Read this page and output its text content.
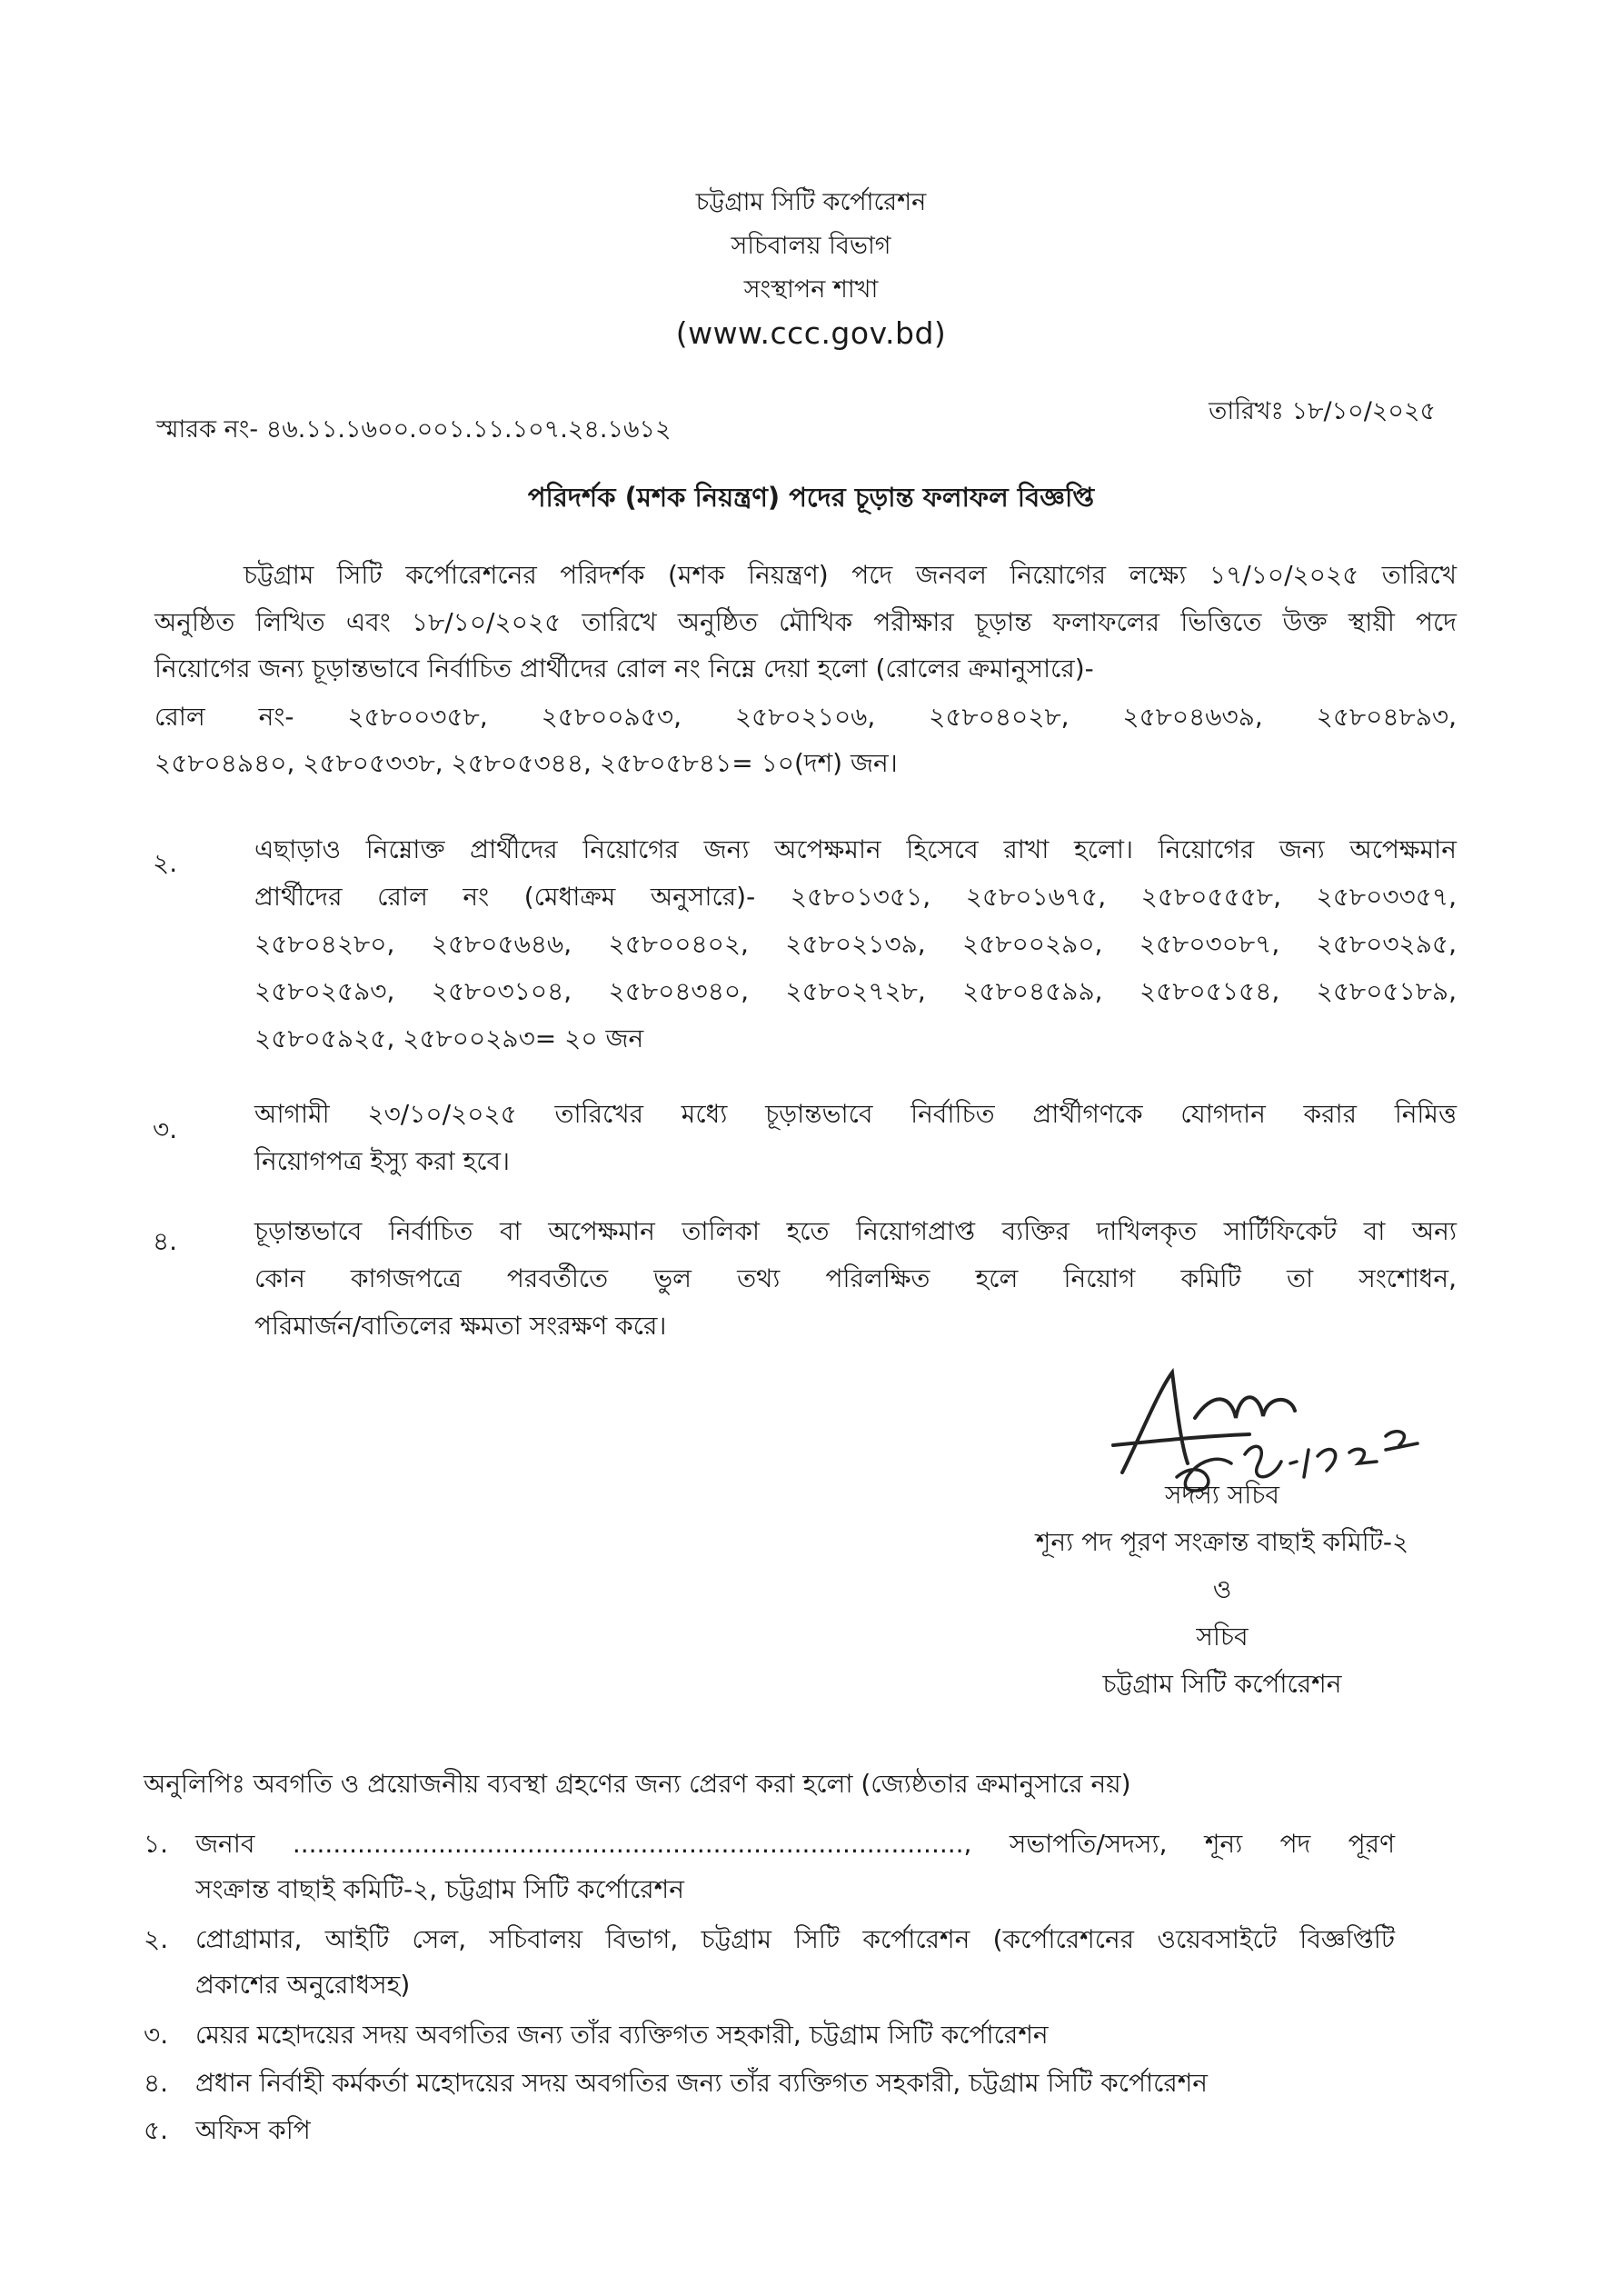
চট্টগ্রাম সিটি কর্পোরেশন
সচিবালয় বিভাগ
সংস্থাপন শাখা
(www.ccc.gov.bd)
স্মারক নং- ৪৬.১১.১৬০০.০০১.১১.১০৭.২৪.১৬১২
তারিখঃ ১৮/১০/২০২৫
পরিদর্শক (মশক নিয়ন্ত্রণ) পদের চূড়ান্ত ফলাফল বিজ্ঞপ্তি
চট্টগ্রাম সিটি কর্পোরেশনের পরিদর্শক (মশক নিয়ন্ত্রণ) পদে জনবল নিয়োগের লক্ষ্যে ১৭/১০/২০২৫ তারিখে
অনুষ্ঠিত লিখিত এবং ১৮/১০/২০২৫ তারিখে অনুষ্ঠিত মৌখিক পরীক্ষার চূড়ান্ত ফলাফলের ভিত্তিতে উক্ত স্থায়ী পদে
নিয়োগের জন্য চূড়ান্তভাবে নির্বাচিত প্রার্থীদের রোল নং নিম্নে দেয়া হলো (রোলের ক্রমানুসারে)-
রোল নং- ২৫৮০০৩৫৮, ২৫৮০০৯৫৩, ২৫৮০২১০৬, ২৫৮০৪০২৮, ২৫৮০৪৬৩৯, ২৫৮০৪৮৯৩,
২৫৮০৪৯৪০, ২৫৮০৫৩৩৮, ২৫৮০৫৩৪৪, ২৫৮০৫৮৪১= ১০(দশ) জন।
২.	এছাড়াও নিম্নোক্ত প্রার্থীদের নিয়োগের জন্য অপেক্ষমান হিসেবে রাখা হলো। নিয়োগের জন্য অপেক্ষমান
প্রার্থীদের রোল নং (মেধাক্রম অনুসারে)- ২৫৮০১৩৫১, ২৫৮০১৬৭৫, ২৫৮০৫৫৫৮, ২৫৮০৩৩৫৭,
২৫৮০৪২৮০, ২৫৮০৫৬৪৬, ২৫৮০০৪০২, ২৫৮০২১৩৯, ২৫৮০০২৯০, ২৫৮০৩০৮৭, ২৫৮০৩২৯৫,
২৫৮০২৫৯৩, ২৫৮০৩১০৪, ২৫৮০৪৩৪০, ২৫৮০২৭২৮, ২৫৮০৪৫৯৯, ২৫৮০৫১৫৪, ২৫৮০৫১৮৯,
২৫৮০৫৯২৫, ২৫৮০০২৯৩= ২০ জন
৩.
আগামী ২৩/১০/২০২৫ তারিখের মধ্যে চূড়ান্তভাবে নির্বাচিত প্রার্থীগণকে যোগদান করার নিমিত্ত
নিয়োগপত্র ইস্যু করা হবে।
৪.	চূড়ান্তভাবে নির্বাচিত বা অপেক্ষমান তালিকা হতে নিয়োগপ্রাপ্ত ব্যক্তির দাখিলকৃত সার্টিফিকেট বা অন্য
কোন কাগজপত্রে পরবর্তীতে ভুল তথ্য পরিলক্ষিত হলে নিয়োগ কমিটি তা সংশোধন,
পরিমার্জন/বাতিলের ক্ষমতা সংরক্ষণ করে।
সদস্য সচিব
শূন্য পদ পূরণ সংক্রান্ত বাছাই কমিটি-২
ও
সচিব
চট্টগ্রাম সিটি কর্পোরেশন
অনুলিপিঃ অবগতি ও প্রয়োজনীয় ব্যবস্থা গ্রহণের জন্য প্রেরণ করা হলো (জ্যেষ্ঠতার ক্রমানুসারে নয়)
১. জনাব ..................................................................................., সভাপতি/সদস্য, শূন্য পদ পূরণ
সংক্রান্ত বাছাই কমিটি-২, চট্টগ্রাম সিটি কর্পোরেশন
২. প্রোগ্রামার, আইটি সেল, সচিবালয় বিভাগ, চট্টগ্রাম সিটি কর্পোরেশন (কর্পোরেশনের ওয়েবসাইটে বিজ্ঞপ্তিটি
প্রকাশের অনুরোধসহ)
৩. মেয়র মহোদয়ের সদয় অবগতির জন্য তাঁর ব্যক্তিগত সহকারী, চট্টগ্রাম সিটি কর্পোরেশন
৪. প্রধান নির্বাহী কর্মকর্তা মহোদয়ের সদয় অবগতির জন্য তাঁর ব্যক্তিগত সহকারী, চট্টগ্রাম সিটি কর্পোরেশন
৫. অফিস কপি
